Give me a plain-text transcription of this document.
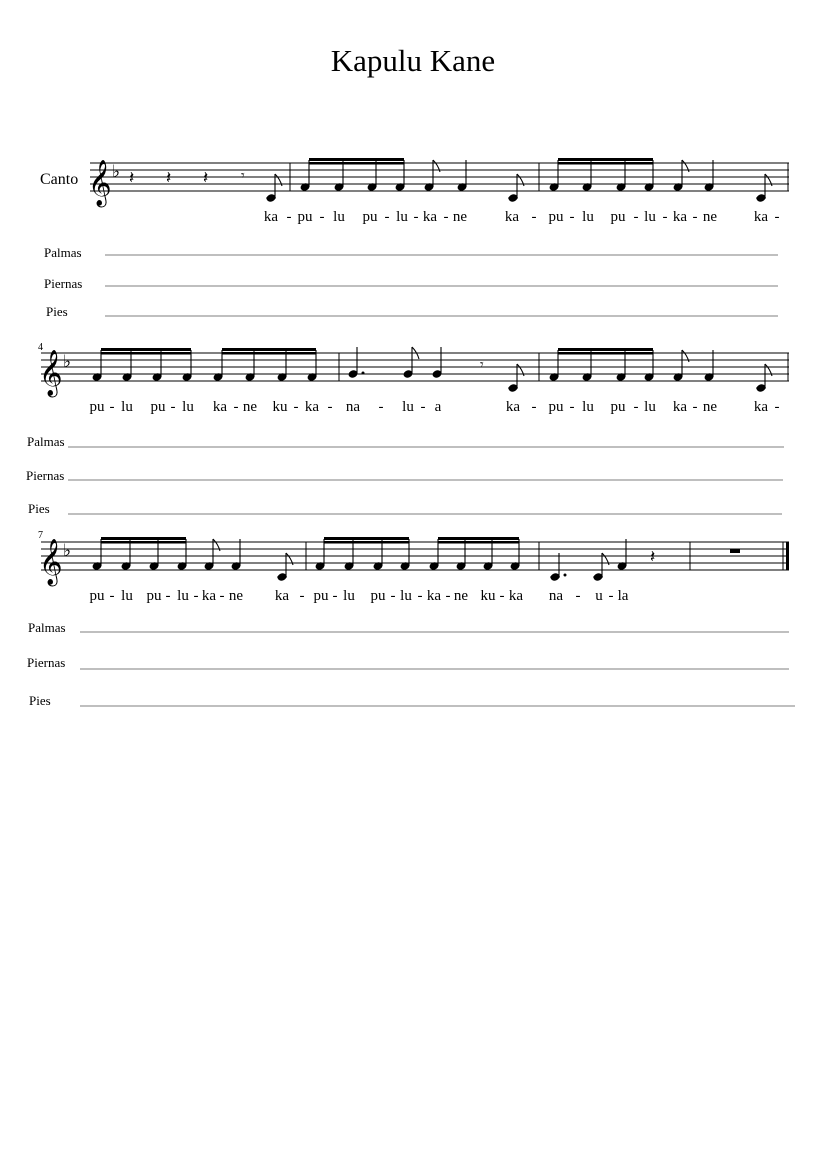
Kapulu Kane
Canto 𝄞 ♭ 𝄽 𝄽 𝄽 𝄾
ka - pu - lu pu - lu - ka - ne	ka - pu - lu pu - lu - ka - ne ka -
Palmas
Piernas
Pies
4
𝄞 ♭	𝄾
pu - lu pu - lu ka - ne ku - ka - na - lu - a	ka - pu - lu pu - lu ka - ne ka -
Palmas
Piernas
Pies
7
𝄞 ♭	𝄽
pu - lu pu - lu - ka - ne ka - pu - lu pu - lu - ka - ne ku - ka na - u - la
Palmas
Piernas
Pies
